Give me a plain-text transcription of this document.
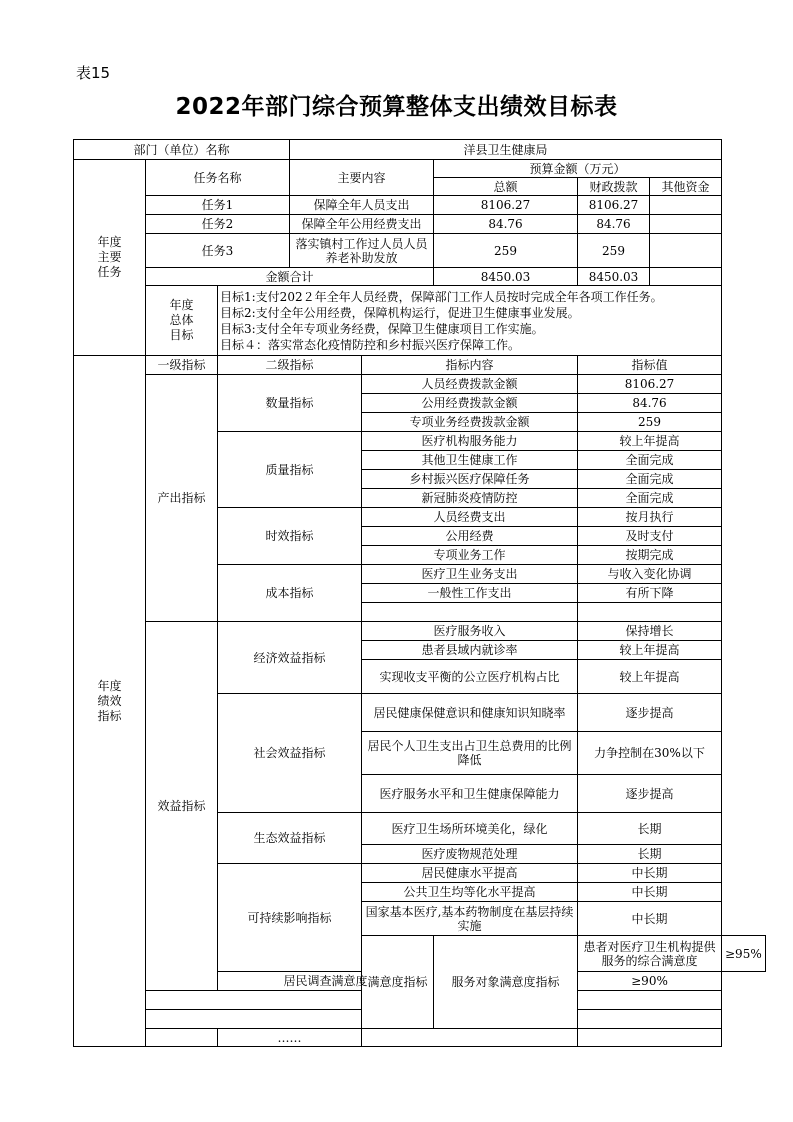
表15
2022年部门综合预算整体支出绩效目标表
部门（单位）名称			洋县卫生健康局					

年度
主要
任务	任务名称		主要内容		预算金额（万元）			
					总额	财政拨款	其他资金	
	任务1		保障全年人员支出		8106.27	8106.27		
	任务2		保障全年公用经费支出		84.76	84.76		
	任务3		落实镇村工作过人员人员养老补助发放		259	259		
	金额合计				8450.03	8450.03		

	年度
总体
目标	目标1:支付202２年全年人员经费，保障部门工作人员按时完成全年各项工作任务。
目标2:支付全年公用经费，保障机构运行，促进卫生健康事业发展。
目标3:支付全年专项业务经费，保障卫生健康项目工作实施。
目标４：落实常态化疫情防控和乡村振兴医疗保障工作。						

年度
绩效
指标	一级指标	二级指标		指标内容		指标值		
	产出指标	数量指标		人员经费拨款金额		8106.27		
				公用经费拨款金额		84.76		
				专项业务经费拨款金额		259		
		质量指标		医疗机构服务能力		较上年提高		
				其他卫生健康工作		全面完成		
				乡村振兴医疗保障任务		全面完成		
				新冠肺炎疫情防控		全面完成		
		时效指标		人员经费支出		按月执行		
				公用经费		及时支付		
				专项业务工作		按期完成		
		成本指标		医疗卫生业务支出		与收入变化协调		
				一般性工作支出		有所下降		

	效益指标	经济效益指标		医疗服务收入		保持增长		
				患者县域内就诊率		较上年提高		
				实现收支平衡的公立医疗机构占比		较上年提高		
		社会效益指标		居民健康保健意识和健康知识知晓率		逐步提高		
				居民个人卫生支出占卫生总费用的比例降低		力争控制在30%以下		
				医疗服务水平和卫生健康保障能力		逐步提高		
		生态效益指标		医疗卫生场所环境美化，绿化		长期		
				医疗废物规范处理		长期		
		可持续影响指标		居民健康水平提高		中长期		
				公共卫生均等化水平提高		中长期		
				国家基本医疗,基本药物制度在基层持续实施		中长期		
				满意度指标	服务对象满意度指标	患者对医疗卫生机构提供服务的综合满意度		≥95%
		居民调查满意度				≥90%		

		……						
